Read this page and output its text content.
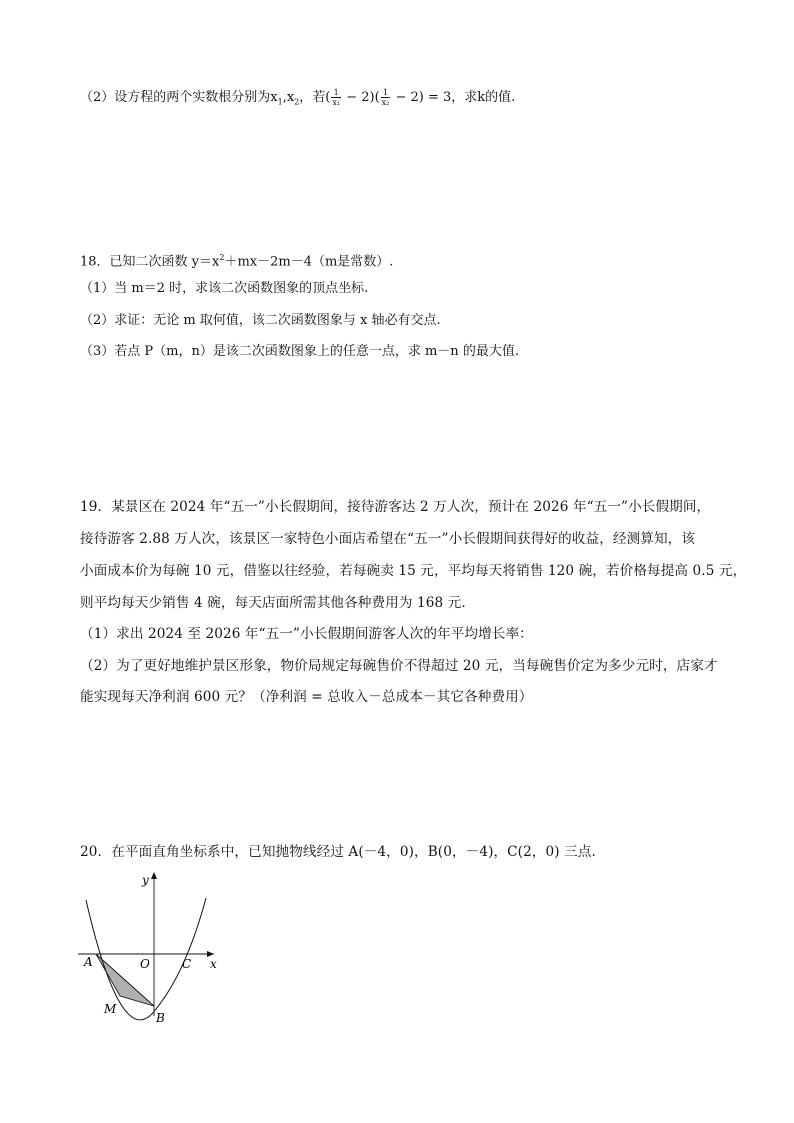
（2）设方程的两个实数根分别为$x_1,x_2$，若( $\frac{1}{\text{x₁}} - 2)( \frac{1}{\text{x₂}} - 2) = 3$，求k的值.
18．已知二次函数 $y=x^2+mx-2m-4(m$是常数）.
（1）当 m＝2 时，求该二次函数图象的顶点坐标.
（2）求证：无论 m 取何值，该二次函数图象与 x 轴必有交点.
（3）若点 P（m，n）是该二次函数图象上的任意一点，求 m－n 的最大值.
19．某景区在 2024 年“五一”小长假期间，接待游客达 2 万人次，预计在 2026 年“五一”小长假期间，
接待游客 2.88 万人次，该景区一家特色小面店希望在“五一”小长假期间获得好的收益，经测算知，该
小面成本价为每碗 10 元，借鉴以往经验，若每碗卖 15 元，平均每天将销售 120 碗，若价格每提高 0.5 元，
则平均每天少销售 4 碗，每天店面所需其他各种费用为 168 元.
（1）求出 2024 至 2026 年“五一”小长假期间游客人次的年平均增长率：
（2）为了更好地维护景区形象，物价局规定每碗售价不得超过 20 元，当每碗售价定为多少元时，店家才
能实现每天净利润 600 元？（净利润 = 总收入－总成本－其它各种费用）
20．在平面直角坐标系中，已知抛物线经过 A(－4，0)，B(0，－4)，C(2，0) 三点.
y
x
O
A	C
M
B
